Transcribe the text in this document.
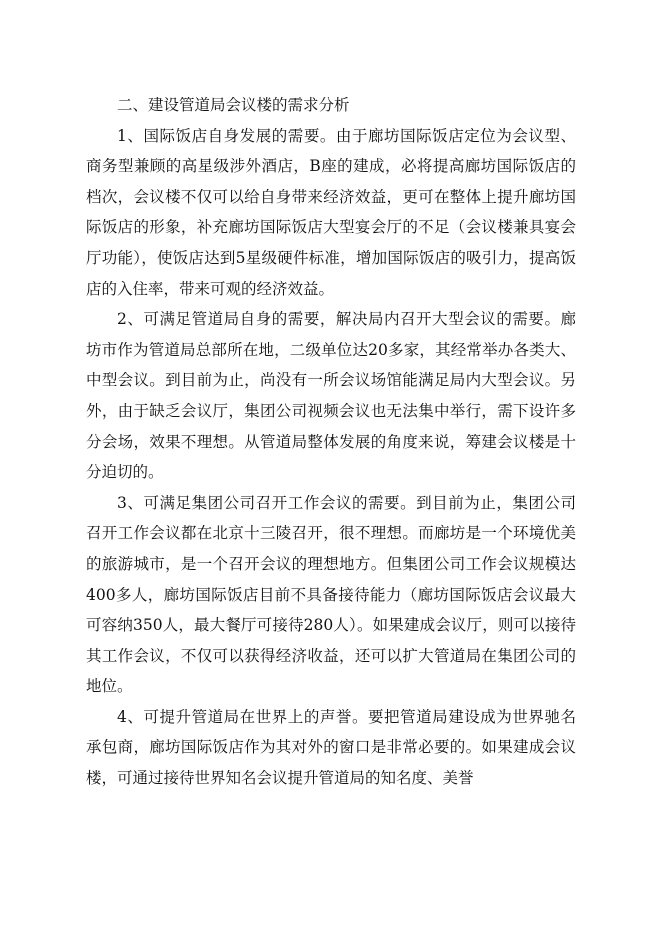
二、建设管道局会议楼的需求分析

1、国际饭店自身发展的需要。由于廊坊国际饭店定位为会议型、商务型兼顾的高星级涉外酒店，B座的建成，必将提高廊坊国际饭店的档次，会议楼不仅可以给自身带来经济效益，更可在整体上提升廊坊国际饭店的形象，补充廊坊国际饭店大型宴会厅的不足（会议楼兼具宴会厅功能），使饭店达到5星级硬件标准，增加国际饭店的吸引力，提高饭店的入住率，带来可观的经济效益。

2、可满足管道局自身的需要，解决局内召开大型会议的需要。廊坊市作为管道局总部所在地，二级单位达20多家，其经常举办各类大、中型会议。到目前为止，尚没有一所会议场馆能满足局内大型会议。另外，由于缺乏会议厅，集团公司视频会议也无法集中举行，需下设许多分会场，效果不理想。从管道局整体发展的角度来说，筹建会议楼是十分迫切的。

3、可满足集团公司召开工作会议的需要。到目前为止，集团公司召开工作会议都在北京十三陵召开，很不理想。而廊坊是一个环境优美的旅游城市，是一个召开会议的理想地方。但集团公司工作会议规模达400多人，廊坊国际饭店目前不具备接待能力（廊坊国际饭店会议最大可容纳350人，最大餐厅可接待280人）。如果建成会议厅，则可以接待其工作会议，不仅可以获得经济收益，还可以扩大管道局在集团公司的地位。

4、可提升管道局在世界上的声誉。要把管道局建设成为世界驰名承包商，廊坊国际饭店作为其对外的窗口是非常必要的。如果建成会议楼，可通过接待世界知名会议提升管道局的知名度、美誉
